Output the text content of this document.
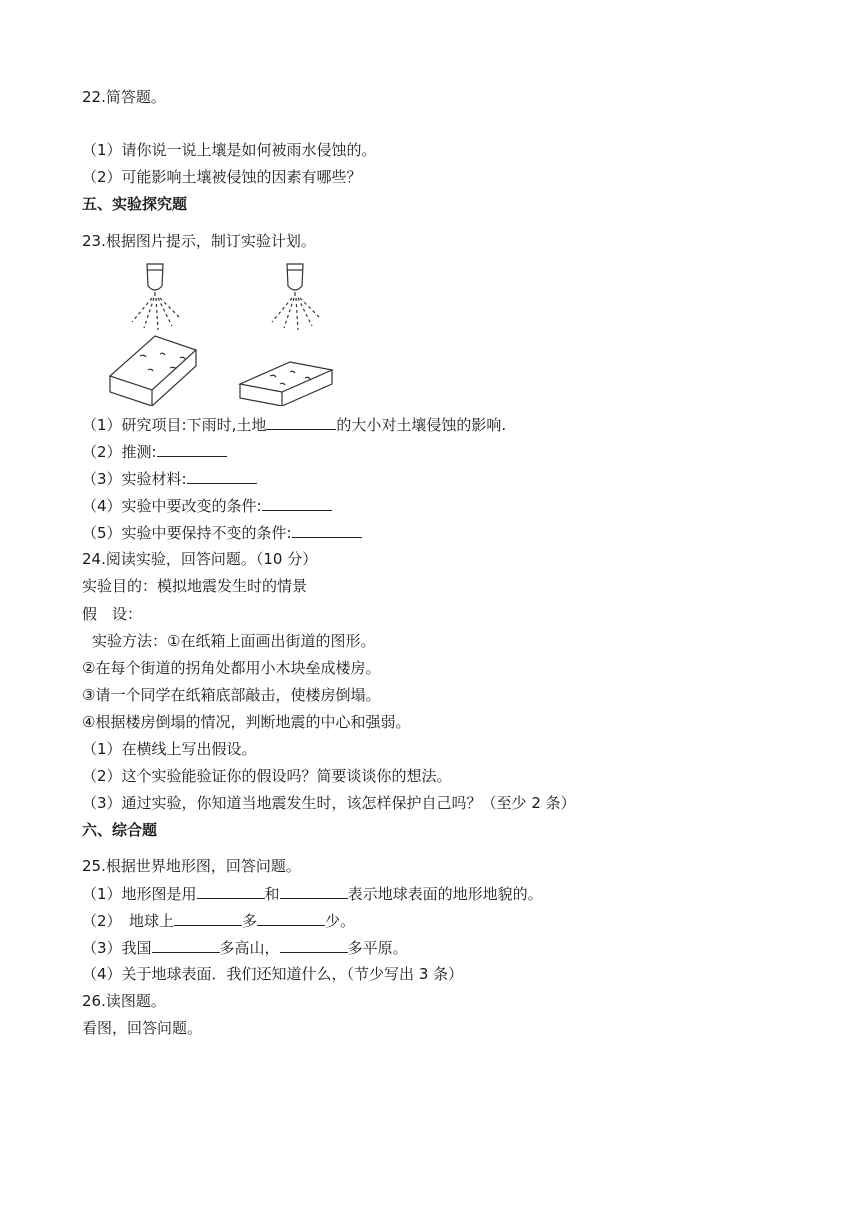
22.简答题。
（1）请你说一说上壤是如何被雨水侵蚀的。
（2）可能影响土壤被侵蚀的因素有哪些？
五、实验探究题
23.根据图片提示，制订实验计划。
（1）研究项目:下雨时,土地	的大小对土壤侵蚀的影响.
（2）推测:
（3）实验材料:
（4）实验中要改变的条件:
（5）实验中要保持不变的条件:
24.阅读实验，回答问题。（10 分）
实验目的：模拟地震发生时的情景
假　设：
实验方法：①在纸箱上面画出街道的图形。
②在每个街道的拐角处都用小木块垒成楼房。
③请一个同学在纸箱底部敲击，使楼房倒塌。
④根据楼房倒塌的情况，判断地震的中心和强弱。
（1）在横线上写出假设。
（2）这个实验能验证你的假设吗？简要谈谈你的想法。
（3）通过实验，你知道当地震发生时，该怎样保护自己吗？（至少 2 条）
六、综合题
25.根据世界地形图，回答问题。
（1）地形图是用	和	表示地球表面的地形地貌的。
（2）　地球上	多	少。
（3）我国	多高山，	多平原。
（4）关于地球表面．我们还知道什么，（节少写出 3 条）
26.读图题。
看图，回答问题。
